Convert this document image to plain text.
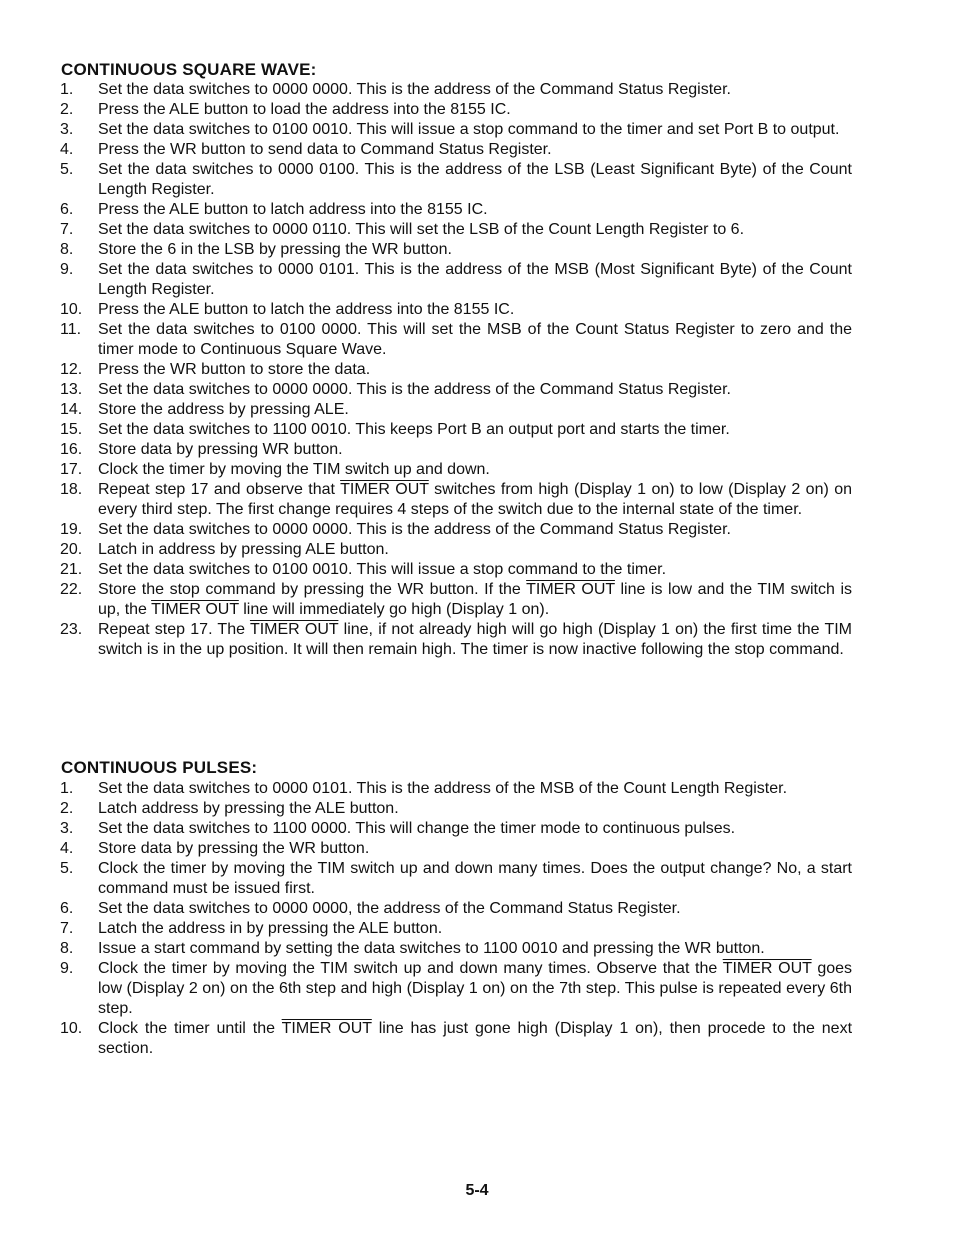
CONTINUOUS SQUARE WAVE:
1.	Set the data switches to 0000 0000. This is the address of the Command Status Register.
2.	Press the ALE button to load the address into the 8155 IC.
3.	Set the data switches to 0100 0010. This will issue a stop command to the timer and set Port B to output.
4.	Press the WR button to send data to Command Status Register.
5.	Set the data switches to 0000 0100. This is the address of the LSB (Least Significant Byte) of the Count Length Register.
6.	Press the ALE button to latch address into the 8155 IC.
7.	Set the data switches to 0000 0110. This will set the LSB of the Count Length Register to 6.
8.	Store the 6 in the LSB by pressing the WR button.
9.	Set the data switches to 0000 0101. This is the address of the MSB (Most Significant Byte) of the Count Length Register.
10. Press the ALE button to latch the address into the 8155 IC.
11.	Set the data switches to 0100 0000. This will set the MSB of the Count Status Register to zero and the timer mode to Continuous Square Wave.
12. Press the WR button to store the data.
13. Set the data switches to 0000 0000. This is the address of the Command Status Register.
14. Store the address by pressing ALE.
15. Set the data switches to 1100 0010. This keeps Port B an output port and starts the timer.
16. Store data by pressing WR button.
17. Clock the timer by moving the TIM switch up and down.
18. Repeat step 17 and observe that TIMER OUT switches from high (Display 1 on) to low (Display 2 on) on every third step. The first change requires 4 steps of the switch due to the internal state of the timer.
19. Set the data switches to 0000 0000. This is the address of the Command Status Register.
20. Latch in address by pressing ALE button.
21. Set the data switches to 0100 0010. This will issue a stop command to the timer.
22. Store the stop command by pressing the WR button. If the TIMER OUT line is low and the TIM switch is up, the TIMER OUT line will immediately go high (Display 1 on).
23. Repeat step 17. The TIMER OUT line, if not already high will go high (Display 1 on) the first time the TIM switch is in the up position. It will then remain high. The timer is now inactive following the stop command.
CONTINUOUS PULSES:
1.	Set the data switches to 0000 0101. This is the address of the MSB of the Count Length Register.
2.	Latch address by pressing the ALE button.
3.	Set the data switches to 1100 0000. This will change the timer mode to continuous pulses.
4.	Store data by pressing the WR button.
5.	Clock the timer by moving the TIM switch up and down many times. Does the output change? No, a start command must be issued first.
6.	Set the data switches to 0000 0000, the address of the Command Status Register.
7.	Latch the address in by pressing the ALE button.
8.	Issue a start command by setting the data switches to 1100 0010 and pressing the WR button.
9.	Clock the timer by moving the TIM switch up and down many times. Observe that the TIMER OUT goes low (Display 2 on) on the 6th step and high (Display 1 on) on the 7th step. This pulse is repeated every 6th step.
10. Clock the timer until the TIMER OUT line has just gone high (Display 1 on), then procede to the next section.
5-4
